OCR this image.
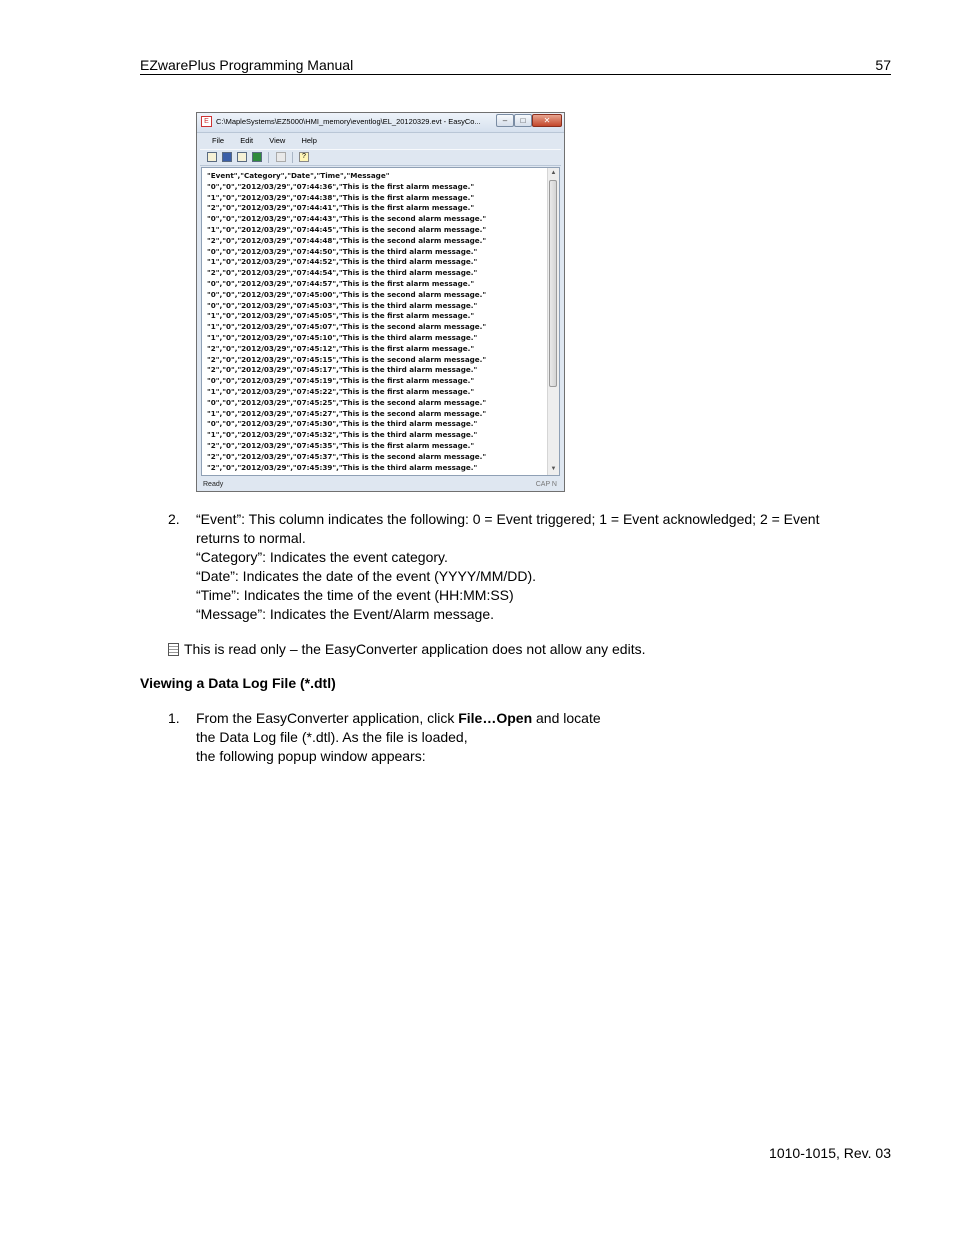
EZwarePlus Programming Manual	57
E C:\MapleSystems\EZ5000\HMI_memory\eventlog\EL_20120329.evt - EasyCo...	–	□	✕
File Edit View Help
?
"Event","Category","Date","Time","Message"
"0","0","2012/03/29","07:44:36","This is the first alarm message."
"1","0","2012/03/29","07:44:38","This is the first alarm message."
"2","0","2012/03/29","07:44:41","This is the first alarm message."
"0","0","2012/03/29","07:44:43","This is the second alarm message."
"1","0","2012/03/29","07:44:45","This is the second alarm message."
"2","0","2012/03/29","07:44:48","This is the second alarm message."
"0","0","2012/03/29","07:44:50","This is the third alarm message."
"1","0","2012/03/29","07:44:52","This is the third alarm message."
"2","0","2012/03/29","07:44:54","This is the third alarm message."
"0","0","2012/03/29","07:44:57","This is the first alarm message."
"0","0","2012/03/29","07:45:00","This is the second alarm message."
"0","0","2012/03/29","07:45:03","This is the third alarm message."
"1","0","2012/03/29","07:45:05","This is the first alarm message."
"1","0","2012/03/29","07:45:07","This is the second alarm message."
"1","0","2012/03/29","07:45:10","This is the third alarm message."
"2","0","2012/03/29","07:45:12","This is the first alarm message."
"2","0","2012/03/29","07:45:15","This is the second alarm message."
"2","0","2012/03/29","07:45:17","This is the third alarm message."
"0","0","2012/03/29","07:45:19","This is the first alarm message."
"1","0","2012/03/29","07:45:22","This is the first alarm message."
"0","0","2012/03/29","07:45:25","This is the second alarm message."
"1","0","2012/03/29","07:45:27","This is the second alarm message."
"0","0","2012/03/29","07:45:30","This is the third alarm message."
"1","0","2012/03/29","07:45:32","This is the third alarm message."
"2","0","2012/03/29","07:45:35","This is the first alarm message."
"2","0","2012/03/29","07:45:37","This is the second alarm message."
"2","0","2012/03/29","07:45:39","This is the third alarm message."
▲
▼
Ready	CAP N
2. “Event”: This column indicates the following: 0 = Event triggered; 1 = Event acknowledged; 2 = Event returns to normal.
“Category”: Indicates the event category.
“Date”: Indicates the date of the event (YYYY/MM/DD).
“Time”: Indicates the time of the event (HH:MM:SS)
“Message”: Indicates the Event/Alarm message.
This is read only – the EasyConverter application does not allow any edits.
Viewing a Data Log File (*.dtl)
1. From the EasyConverter application, click File…Open and locate
the Data Log file (*.dtl). As the file is loaded,
the following popup window appears:
1010-1015, Rev. 03
